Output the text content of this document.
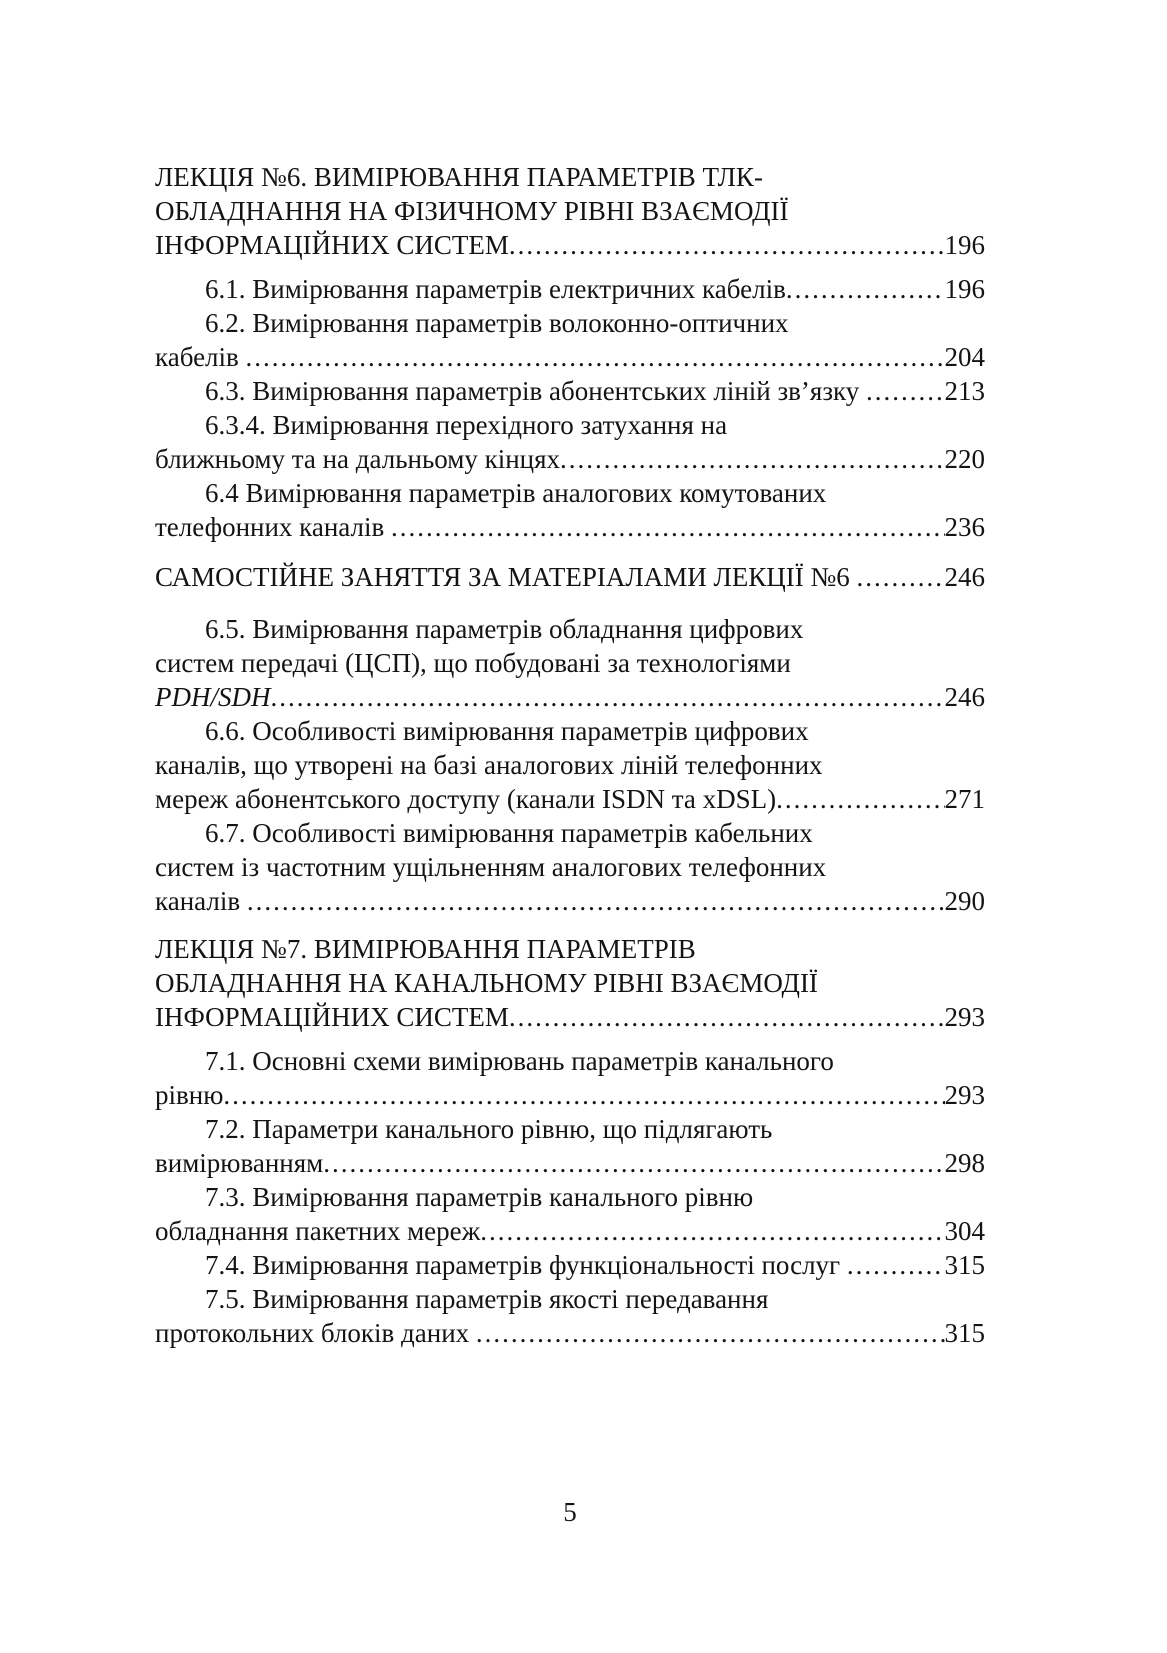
ЛЕКЦІЯ №6. ВИМІРЮВАННЯ ПАРАМЕТРІВ ТЛК-
ОБЛАДНАННЯ НА ФІЗИЧНОМУ РІВНІ ВЗАЄМОДІЇ
ІНФОРМАЦІЙНИХ СИСТЕМ .....	196
6.1. Вимірювання параметрів електричних кабелів .....	196
6.2. Вимірювання параметрів волоконно-оптичних
кабелів .....	204
6.3. Вимірювання параметрів абонентських ліній зв’язку .....	213
6.3.4. Вимірювання перехідного затухання на
ближньому та на дальньому кінцях .....	220
6.4 Вимірювання параметрів аналогових комутованих
телефонних каналів .....	236
САМОСТІЙНЕ ЗАНЯТТЯ ЗА МАТЕРІАЛАМИ ЛЕКЦІЇ №6 .....	246
6.5. Вимірювання параметрів обладнання цифрових
систем передачі (ЦСП), що побудовані за технологіями
PDH/SDH .....	246
6.6. Особливості вимірювання параметрів цифрових
каналів, що утворені на базі аналогових ліній телефонних
мереж абонентського доступу (канали ISDN та xDSL) .....	271
6.7. Особливості вимірювання параметрів кабельних
систем із частотним ущільненням аналогових телефонних
каналів .....	290
ЛЕКЦІЯ №7. ВИМІРЮВАННЯ ПАРАМЕТРІВ
ОБЛАДНАННЯ НА КАНАЛЬНОМУ РІВНІ ВЗАЄМОДІЇ
ІНФОРМАЦІЙНИХ СИСТЕМ .....	293
7.1. Основні схеми вимірювань параметрів канального
рівню .....	293
7.2. Параметри канального рівню, що підлягають
вимірюванням .....	298
7.3. Вимірювання параметрів канального рівню
обладнання пакетних мереж .....	304
7.4. Вимірювання параметрів функціональності послуг .....	315
7.5. Вимірювання параметрів якості передавання
протокольних блоків даних .....	315
5
